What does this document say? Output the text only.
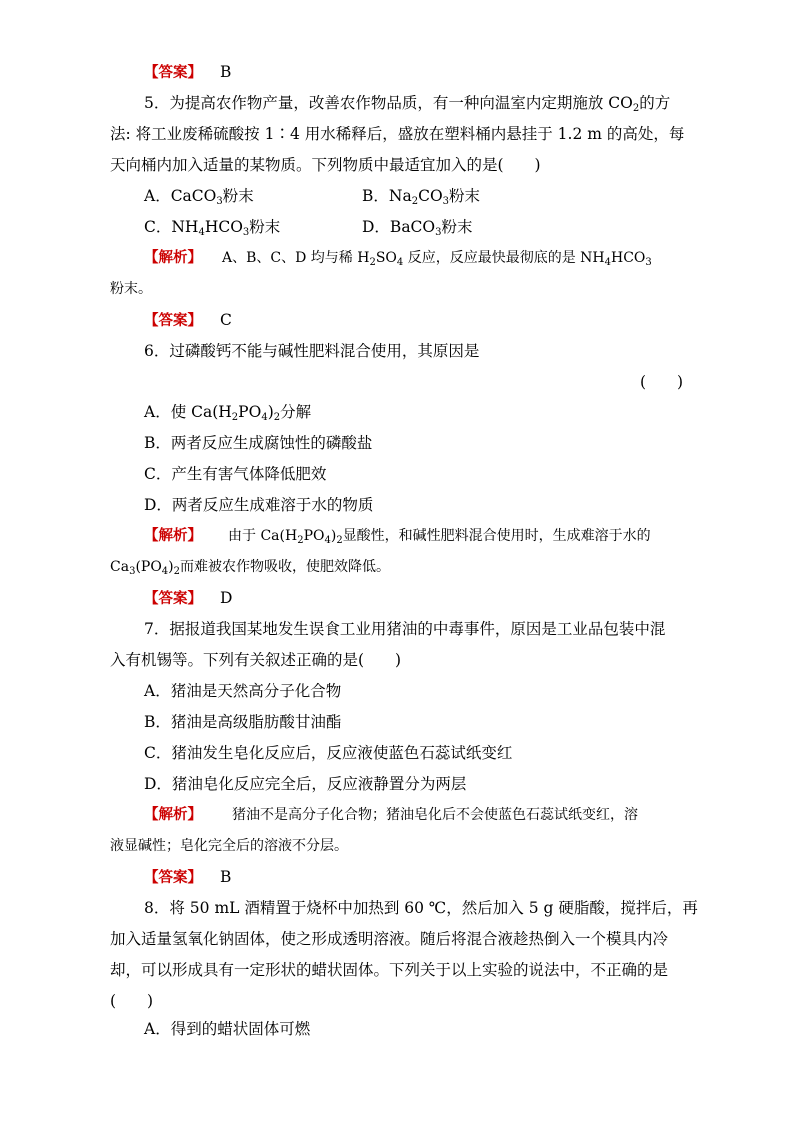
【答案】 B
5．为提高农作物产量，改善农作物品质，有一种向温室内定期施放 $CO_2$的方
法: 将工业废稀硫酸按 1∶4 用水稀释后，盛放在塑料桶内悬挂于 1.2 m 的高处，每
天向桶内加入适量的某物质。下列物质中最适宜加入的是(　　)
A．CaCO$_3$粉末	B．$Na_2CO_3$粉末
C．$NH_4HCO_3$粉末	D．BaCO$_3$粉末
【解析】 A、B、C、D 均与稀 $H_2SO_4$ 反应，反应最快最彻底的是 $NH_4HCO_3$
粉末。
【答案】 C
6．过磷酸钙不能与碱性肥料混合使用，其原因是
(　　)
A．使 $Ca(H_2PO_4)_2$分解
B．两者反应生成腐蚀性的磷酸盐
C．产生有害气体降低肥效
D．两者反应生成难溶于水的物质
【解析】 由于 $Ca(H_2PO_4)_2$显酸性，和碱性肥料混合使用时，生成难溶于水的
$Ca_3(PO_4)_2$而难被农作物吸收，使肥效降低。
【答案】 D
7．据报道我国某地发生误食工业用猪油的中毒事件，原因是工业品包装中混
入有机锡等。下列有关叙述正确的是(　　)
A．猪油是天然高分子化合物
B．猪油是高级脂肪酸甘油酯
C．猪油发生皂化反应后，反应液使蓝色石蕊试纸变红
D．猪油皂化反应完全后，反应液静置分为两层
【解析】 猪油不是高分子化合物；猪油皂化后不会使蓝色石蕊试纸变红，溶
液显碱性；皂化完全后的溶液不分层。
【答案】 B
8．将 50 mL 酒精置于烧杯中加热到 60 ℃，然后加入 5 g 硬脂酸，搅拌后，再
加入适量氢氧化钠固体，使之形成透明溶液。随后将混合液趁热倒入一个模具内冷
却，可以形成具有一定形状的蜡状固体。下列关于以上实验的说法中，不正确的是
(　　)
A．得到的蜡状固体可燃
